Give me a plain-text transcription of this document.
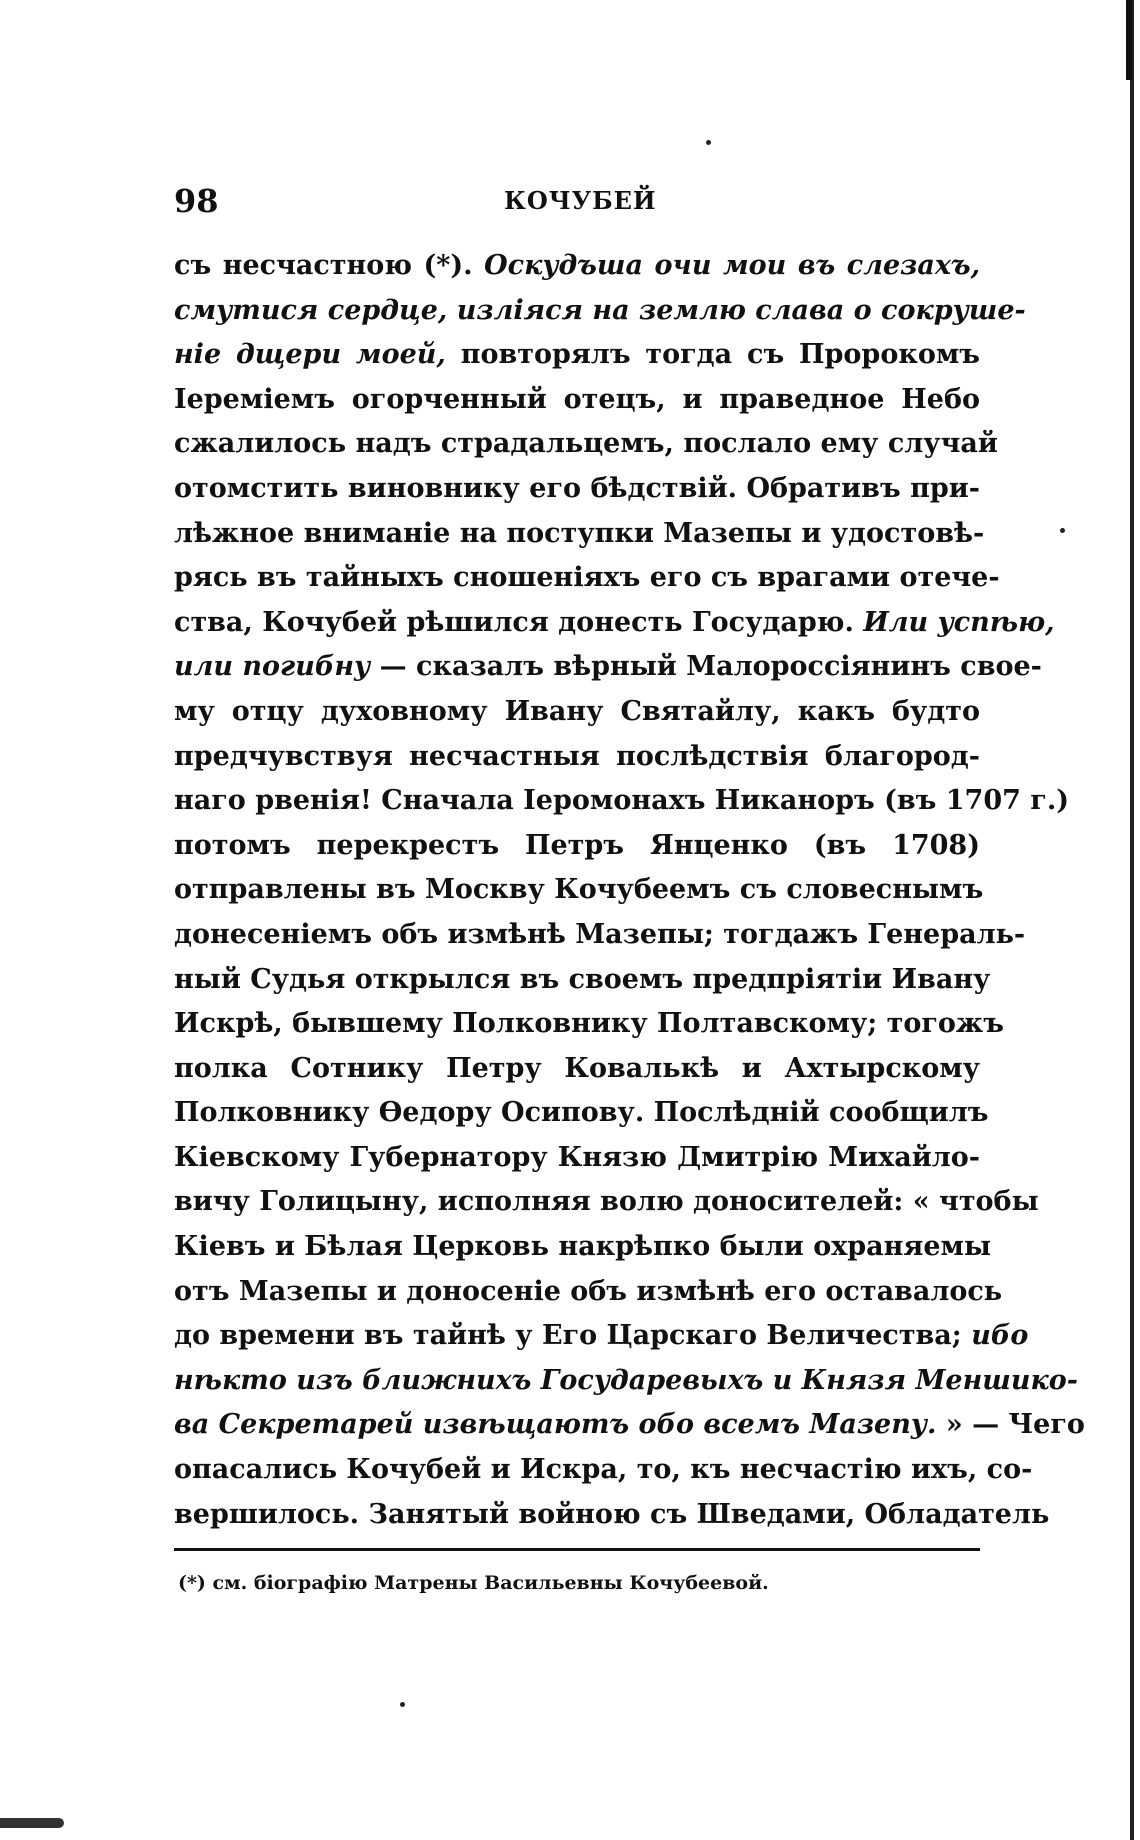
98	КОЧУБЕЙ
съ несчастною (*). Оскудъша очи мои въ слезахъ,
смутися сердце, изліяся на землю слава о сокруше-
ніе дщери моей, повторялъ тогда съ Пророкомъ
Іеремiемъ огорченный отецъ, и праведное Небо
сжалилось надъ страдальцемъ, послало ему случай
отомстить виновнику его бѣдствiй. Обративъ при-
лѣжное вниманiе на поступки Мазепы и удостовѣ-
рясь въ тайныхъ сношенiяхъ его съ врагами отече-
ства, Кочубей рѣшился донесть Государю. Или успѣю,
или погибну — сказалъ вѣрный Малороссiянинъ свое-
му отцу духовному Ивану Святайлу, какъ будто
предчувствуя несчастныя послѣдствiя благород-
наго рвенiя! Сначала Iеромонахъ Никаноръ (въ 1707 г.)
потомъ перекрестъ Петръ Янценко (въ 1708)
отправлены въ Москву Кочубеемъ съ словеснымъ
донесенiемъ объ измѣнѣ Мазепы; тогдажъ Генераль-
ный Судья открылся въ своемъ предпрiятiи Ивану
Искрѣ, бывшему Полковнику Полтавскому; тогожъ
полка Сотнику Петру Ковалькѣ и Ахтырскому
Полковнику Ѳедору Осипову. Послѣднiй сообщилъ
Кiевскому Губернатору Князю Дмитрiю Михайло-
вичу Голицыну, исполняя волю доносителей: « чтобы
Кiевъ и Бѣлая Церковь накрѣпко были охраняемы
отъ Мазепы и доносенiе объ измѣнѣ его оставалось
до времени въ тайнѣ у Его Царскаго Величества; ибо
нѣкто изъ ближнихъ Государевыхъ и Князя Меншико-
ва Секретарей извѣщаютъ обо всемъ Мазепу. » — Чего
опасались Кочубей и Искра, то, къ несчастiю ихъ, со-
вершилось. Занятый войною съ Шведами, Обладатель
(*) см. бiографiю Матрены Васильевны Кочубеевой.
